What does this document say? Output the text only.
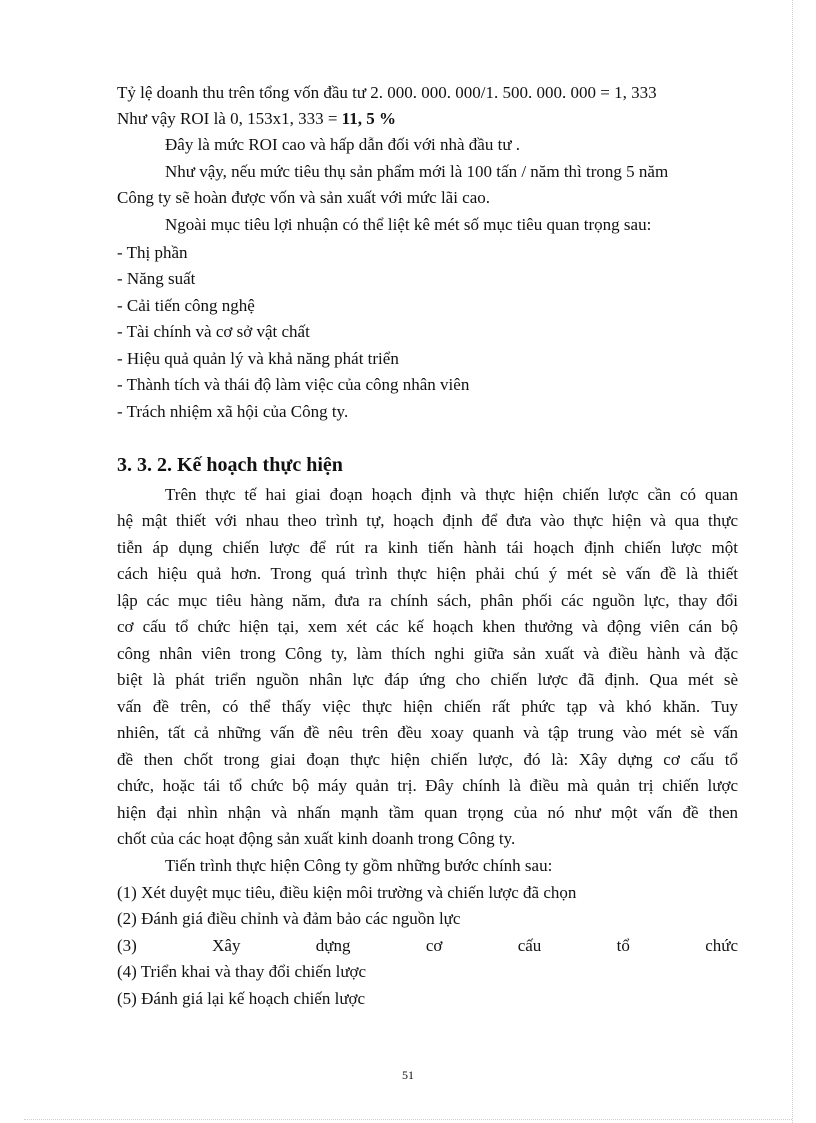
Tỷ lệ doanh thu trên tổng vốn đầu tư 2. 000. 000. 000/1. 500. 000. 000 = 1, 333
Như vậy ROI là 0, 153x1, 333 = 11, 5 %
Đây là mức ROI cao và hấp dẫn đối với nhà đầu tư .
Như vậy, nếu mức tiêu thụ sản phẩm mới là 100 tấn / năm thì trong 5 năm
Công ty sẽ hoàn được vốn và sản xuất với mức lãi cao.
Ngoài mục tiêu lợi nhuận có thể liệt kê mét số mục tiêu quan trọng sau:
- Thị phần
- Năng suất
- Cải tiến công nghệ
- Tài chính và cơ sở vật chất
- Hiệu quả quản lý và khả năng phát triển
- Thành tích và thái độ làm việc của công nhân viên
- Trách nhiệm xã hội của Công ty.
3. 3. 2. Kế hoạch thực hiện
Trên thực tế hai giai đoạn hoạch định và thực hiện chiến lược cần có quan
hệ mật thiết với nhau theo trình tự, hoạch định để đưa vào thực hiện và qua thực
tiễn áp dụng chiến lược để rút ra kinh tiến hành tái hoạch định chiến lược một
cách hiệu quả hơn. Trong quá trình thực hiện phải chú ý mét sè vấn đề là thiết
lập các mục tiêu hàng năm, đưa ra chính sách, phân phối các nguồn lực, thay đổi
cơ cấu tổ chức hiện tại, xem xét các kế hoạch khen thưởng và động viên cán bộ
công nhân viên trong Công ty, làm thích nghi giữa sản xuất và điều hành và đặc
biệt là phát triển nguồn nhân lực đáp ứng cho chiến lược đã định. Qua mét sè
vấn đề trên, có thể thấy việc thực hiện chiến rất phức tạp và khó khăn. Tuy
nhiên, tất cả những vấn đề nêu trên đều xoay quanh và tập trung vào mét sè vấn
đề then chốt trong giai đoạn thực hiện chiến lược, đó là: Xây dựng cơ cấu tổ
chức, hoặc tái tổ chức bộ máy quản trị. Đây chính là điều mà quản trị chiến lược
hiện đại nhìn nhận và nhấn mạnh tầm quan trọng của nó như một vấn đề then
chốt của các hoạt động sản xuất kinh doanh trong Công ty.
Tiến trình thực hiện Công ty gồm những bước chính sau:
(1) Xét duyệt mục tiêu, điều kiện môi trường và chiến lược đã chọn
(2) Đánh giá điều chỉnh và đảm bảo các nguồn lực
(3) Xây dựng cơ cấu tổ chức
(4) Triển khai và thay đổi chiến lược
(5) Đánh giá lại kế hoạch chiến lược
51
